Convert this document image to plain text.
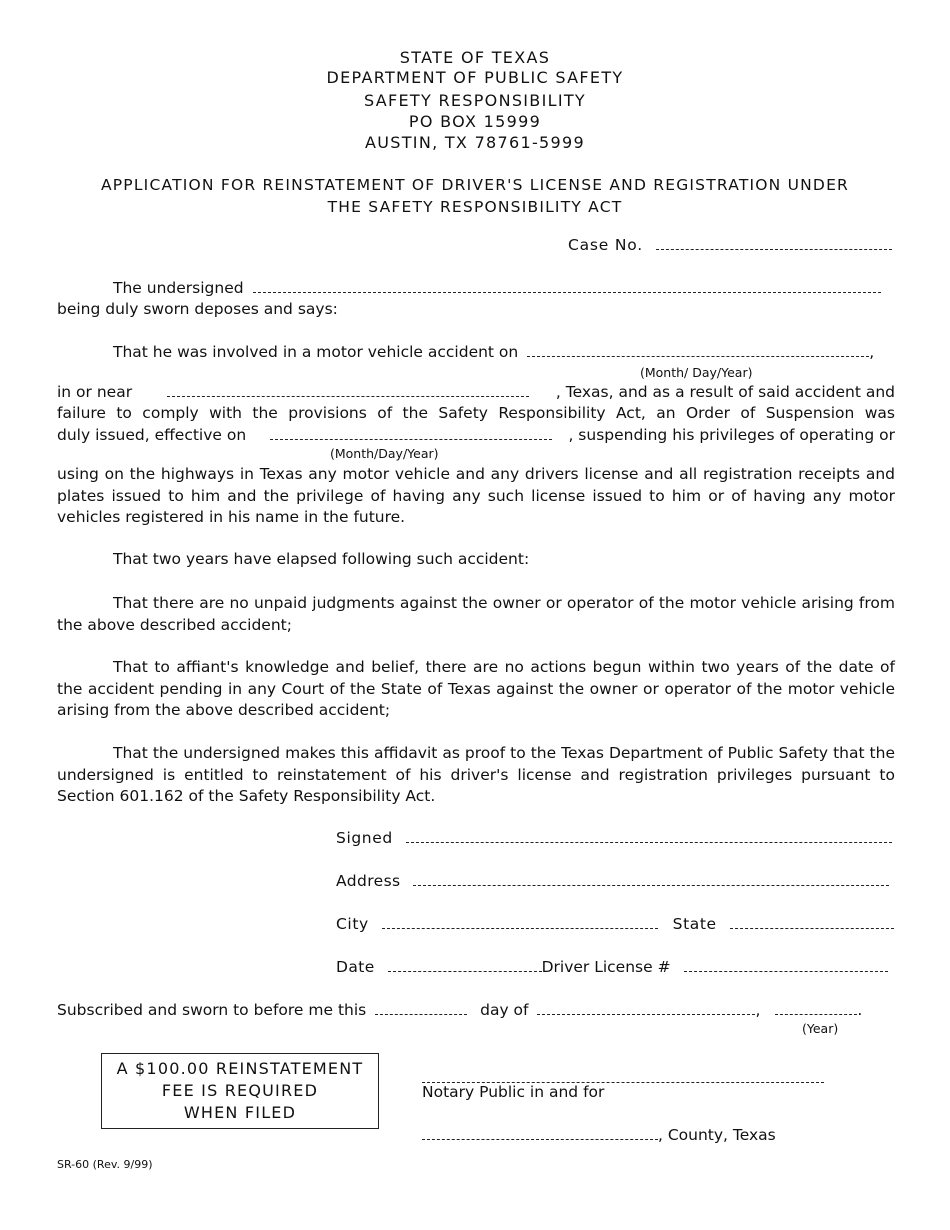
STATE OF TEXAS
DEPARTMENT OF PUBLIC SAFETY
SAFETY RESPONSIBILITY
PO BOX 15999
AUSTIN, TX 78761-5999
APPLICATION FOR REINSTATEMENT OF DRIVER'S LICENSE AND REGISTRATION UNDER
THE SAFETY RESPONSIBILITY ACT
Case No.
The undersigned
being duly sworn deposes and says:
That he was involved in a motor vehicle accident on	,
(Month/ Day/Year)
in or near	, Texas, and as a result of said accident and
failure to comply with the provisions of the Safety Responsibility Act, an Order of Suspension was
duly issued, effective on	, suspending his privileges of operating or
(Month/Day/Year)

using on the highways in Texas any motor vehicle and any drivers license and all registration receipts and plates issued to him and the privilege of having any such license issued to him or of having any motor vehicles registered in his name in the future.

That two years have elapsed following such accident:

That there are no unpaid judgments against the owner or operator of the motor vehicle arising from the above described accident;

That to affiant's knowledge and belief, there are no actions begun within two years of the date of the accident pending in any Court of the State of Texas against the owner or operator of the motor vehicle arising from the above described accident;

That the undersigned makes this affidavit as proof to the Texas Department of Public Safety that the undersigned is entitled to reinstatement of his driver's license and registration privileges pursuant to Section 601.162 of the Safety Responsibility Act.

Signed
Address
City	State
Date	Driver License #
Subscribed and sworn to before me this	day of	,	.
(Year)
A $100.00 REINSTATEMENT
FEE IS REQUIRED
WHEN FILED
Notary Public in and for
, County, Texas
SR-60 (Rev. 9/99)
